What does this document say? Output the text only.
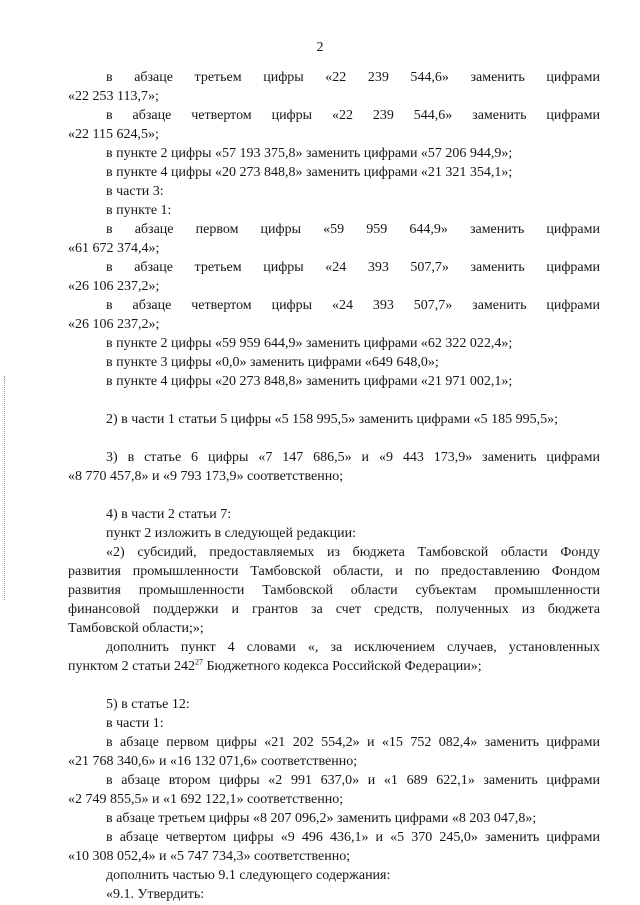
2
в абзаце третьем цифры «22 239 544,6» заменить цифрами
«22 253 113,7»;
в абзаце четвертом цифры «22 239 544,6» заменить цифрами
«22 115 624,5»;
в пункте 2 цифры «57 193 375,8» заменить цифрами «57 206 944,9»;
в пункте 4 цифры «20 273 848,8» заменить цифрами «21 321 354,1»;
в части 3:
в пункте 1:
в абзаце первом цифры «59 959 644,9» заменить цифрами
«61 672 374,4»;
в абзаце третьем цифры «24 393 507,7» заменить цифрами
«26 106 237,2»;
в абзаце четвертом цифры «24 393 507,7» заменить цифрами
«26 106 237,2»;
в пункте 2 цифры «59 959 644,9» заменить цифрами «62 322 022,4»;
в пункте 3 цифры «0,0» заменить цифрами «649 648,0»;
в пункте 4 цифры «20 273 848,8» заменить цифрами «21 971 002,1»;
2) в части 1 статьи 5 цифры «5 158 995,5» заменить цифрами «5 185 995,5»;
3) в статье 6 цифры «7 147 686,5» и «9 443 173,9» заменить цифрами
«8 770 457,8» и «9 793 173,9» соответственно;
4) в части 2 статьи 7:
пункт 2 изложить в следующей редакции:
«2) субсидий, предоставляемых из бюджета Тамбовской области Фонду
развития промышленности Тамбовской области, и по предоставлению Фондом
развития промышленности Тамбовской области субъектам промышленности
финансовой поддержки и грантов за счет средств, полученных из бюджета
Тамбовской области;»;
дополнить пункт 4 словами «, за исключением случаев, установленных
5) в статье 12:
в части 1:
в абзаце первом цифры «21 202 554,2» и «15 752 082,4» заменить цифрами
«21 768 340,6» и «16 132 071,6» соответственно;
в абзаце втором цифры «2 991 637,0» и «1 689 622,1» заменить цифрами
«2 749 855,5» и «1 692 122,1» соответственно;
в абзаце третьем цифры «8 207 096,2» заменить цифрами «8 203 047,8»;
в абзаце четвертом цифры «9 496 436,1» и «5 370 245,0» заменить цифрами
«10 308 052,4» и «5 747 734,3» соответственно;
дополнить частью 9.1 следующего содержания:
«9.1. Утвердить:
пунктом 2 статьи $242^{27}$ Бюджетного кодекса Российской Федерации»;
